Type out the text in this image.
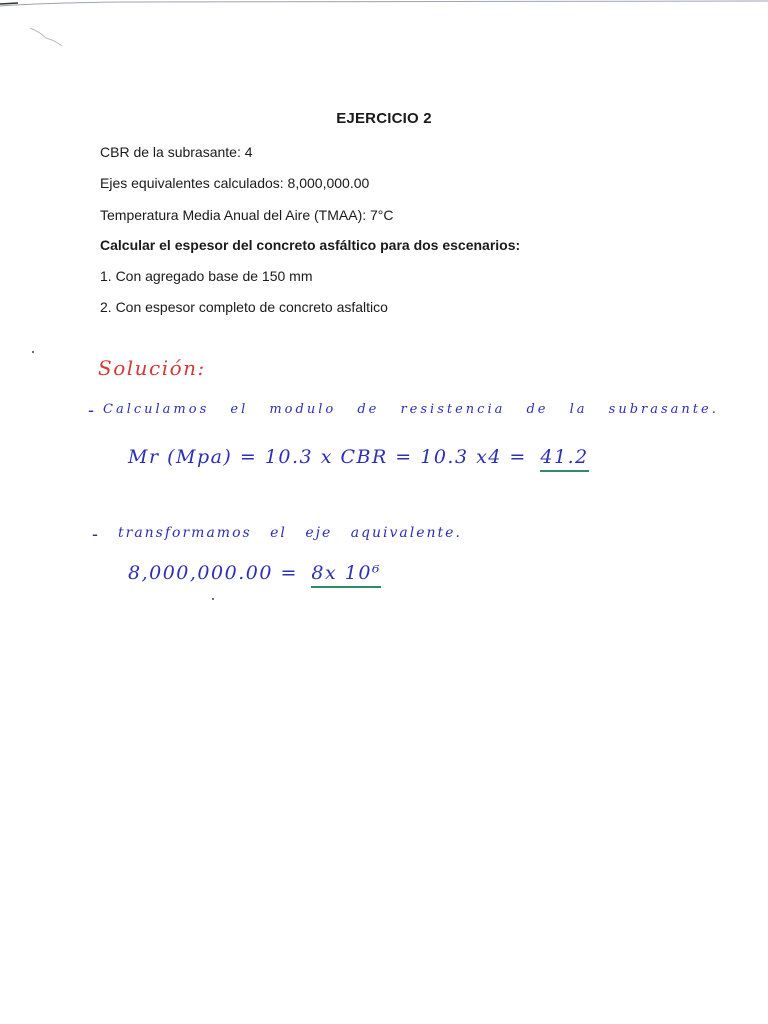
EJERCICIO 2
CBR de la subrasante: 4
Ejes equivalentes calculados: 8,000,000.00
Temperatura Media Anual del Aire (TMAA): 7°C
Calcular el espesor del concreto asfáltico para dos escenarios:
1. Con agregado base de 150 mm
2. Con espesor completo de concreto asfaltico
Solución:
- Calculamos el modulo de resistencia de la subrasante.
Mr (Mpa) = 10.3 x CBR = 10.3 x4 = 41.2
- transformamos el eje aquivalente.
8,000,000.00 = 8x 10⁶
